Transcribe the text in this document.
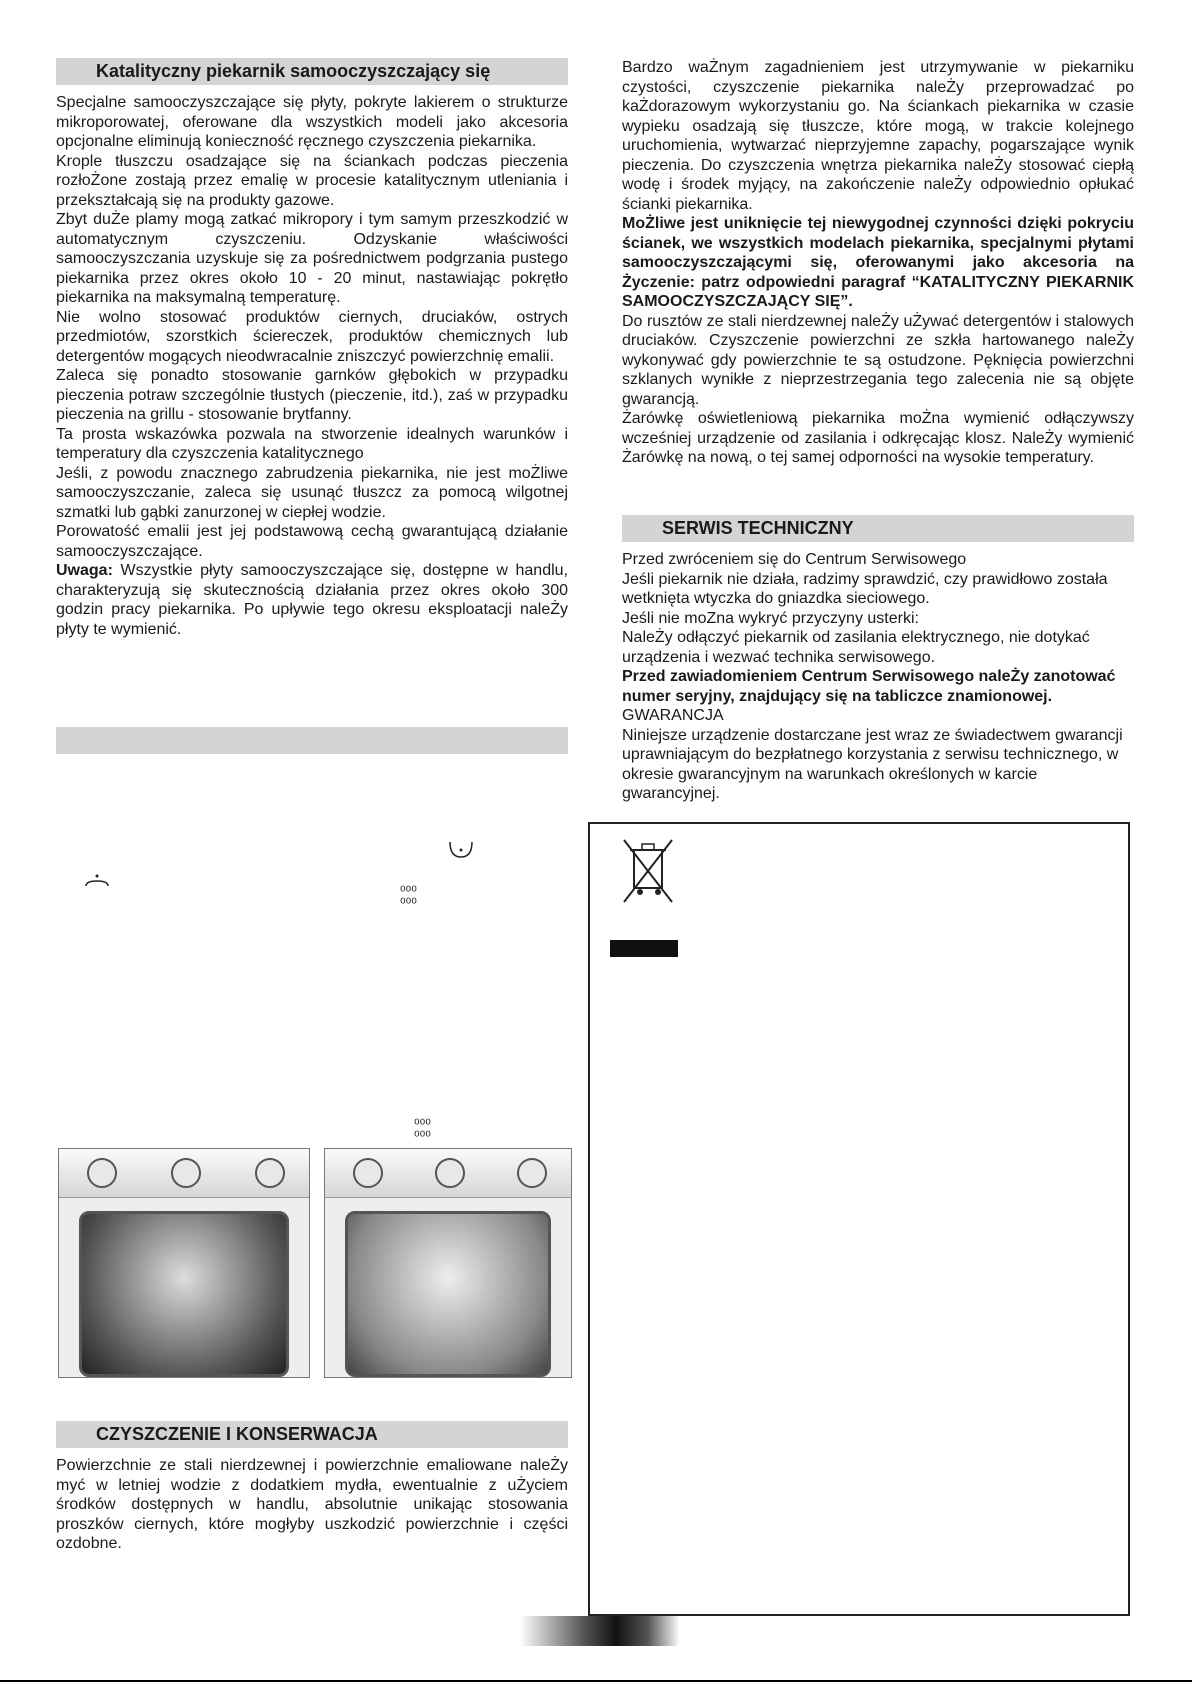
Katalityczny piekarnik samooczyszczający się

Specjalne samooczyszczające się płyty, pokryte lakierem o strukturze mikroporowatej, oferowane dla wszystkich modeli jako akcesoria opcjonalne eliminują konieczność ręcznego czyszczenia piekarnika.

Krople tłuszczu osadzające się na ściankach podczas pieczenia rozłoŻone zostają przez emalię w procesie katalitycznym utleniania i przekształcają się na produkty gazowe.

Zbyt duŻe plamy mogą zatkać mikropory i tym samym przeszkodzić w automatycznym czyszczeniu. Odzyskanie właściwości samooczyszczania uzyskuje się za pośrednictwem podgrzania pustego piekarnika przez okres około 10 - 20 minut, nastawiając pokrętło piekarnika na maksymalną temperaturę.

Nie wolno stosować produktów ciernych, druciaków, ostrych przedmiotów, szorstkich ściereczek, produktów chemicznych lub detergentów mogących nieodwracalnie zniszczyć powierzchnię emalii.

Zaleca się ponadto stosowanie garnków głębokich w przypadku pieczenia potraw szczególnie tłustych (pieczenie, itd.), zaś w przypadku pieczenia na grillu - stosowanie brytfanny.

Ta prosta wskazówka pozwala na stworzenie idealnych warunków i temperatury dla czyszczenia katalitycznego

Jeśli, z powodu znacznego zabrudzenia piekarnika, nie jest moŻliwe samooczyszczanie, zaleca się usunąć tłuszcz za pomocą wilgotnej szmatki lub gąbki zanurzonej w ciepłej wodzie.

Porowatość emalii jest jej podstawową cechą gwarantującą działanie samooczyszczające.

Uwaga: Wszystkie płyty samooczyszczające się, dostępne w handlu, charakteryzują się skutecznością działania przez okres około 300 godzin pracy piekarnika. Po upływie tego okresu eksploatacji naleŻy płyty te wymienić.

⁰⁰⁰
⁰⁰⁰
⁰⁰⁰
⁰⁰⁰
CZYSZCZENIE I KONSERWACJA

Powierzchnie ze stali nierdzewnej i powierzchnie emaliowane naleŻy myć w letniej wodzie z dodatkiem mydła, ewentualnie z uŻyciem środków dostępnych w handlu, absolutnie unikając stosowania proszków ciernych, które mogłyby uszkodzić powierzchnie i części ozdobne.

Bardzo waŻnym zagadnieniem jest utrzymywanie w piekarniku czystości, czyszczenie piekarnika naleŻy przeprowadzać po kaŻdorazowym wykorzystaniu go. Na ściankach piekarnika w czasie wypieku osadzają się tłuszcze, które mogą, w trakcie kolejnego uruchomienia, wytwarzać nieprzyjemne zapachy, pogarszające wynik pieczenia. Do czyszczenia wnętrza piekarnika naleŻy stosować ciepłą wodę i środek myjący, na zakończenie naleŻy odpowiednio opłukać ścianki piekarnika.

MoŻliwe jest uniknięcie tej niewygodnej czynności dzięki pokryciu ścianek, we wszystkich modelach piekarnika, specjalnymi płytami samooczyszczającymi się, oferowanymi jako akcesoria na Życzenie: patrz odpowiedni paragraf “KATALITYCZNY PIEKARNIK SAMOOCZYSZCZAJĄCY SIĘ”.

Do rusztów ze stali nierdzewnej naleŻy uŻywać detergentów i stalowych druciaków. Czyszczenie powierzchni ze szkła hartowanego naleŻy wykonywać gdy powierzchnie te są ostudzone. Pęknięcia powierzchni szklanych wynikłe z nieprzestrzegania tego zalecenia nie są objęte gwarancją.

Żarówkę oświetleniową piekarnika moŻna wymienić odłączywszy wcześniej urządzenie od zasilania i odkręcając klosz. NaleŻy wymienić Żarówkę na nową, o tej samej odporności na wysokie temperatury.

SERWIS TECHNICZNY

Przed zwróceniem się do Centrum Serwisowego

Jeśli piekarnik nie działa, radzimy sprawdzić, czy prawidłowo została wetknięta wtyczka do gniazdka sieciowego.

Jeśli nie moZna wykryć przyczyny usterki:

NaleŻy odłączyć piekarnik od zasilania elektrycznego, nie dotykać urządzenia i wezwać technika serwisowego.

Przed zawiadomieniem Centrum Serwisowego naleŻy zanotować numer seryjny, znajdujący się na tabliczce znamionowej.

GWARANCJA

Niniejsze urządzenie dostarczane jest wraz ze świadectwem gwarancji uprawniającym do bezpłatnego korzystania z serwisu technicznego, w okresie gwarancyjnym na warunkach określonych w karcie gwarancyjnej.
